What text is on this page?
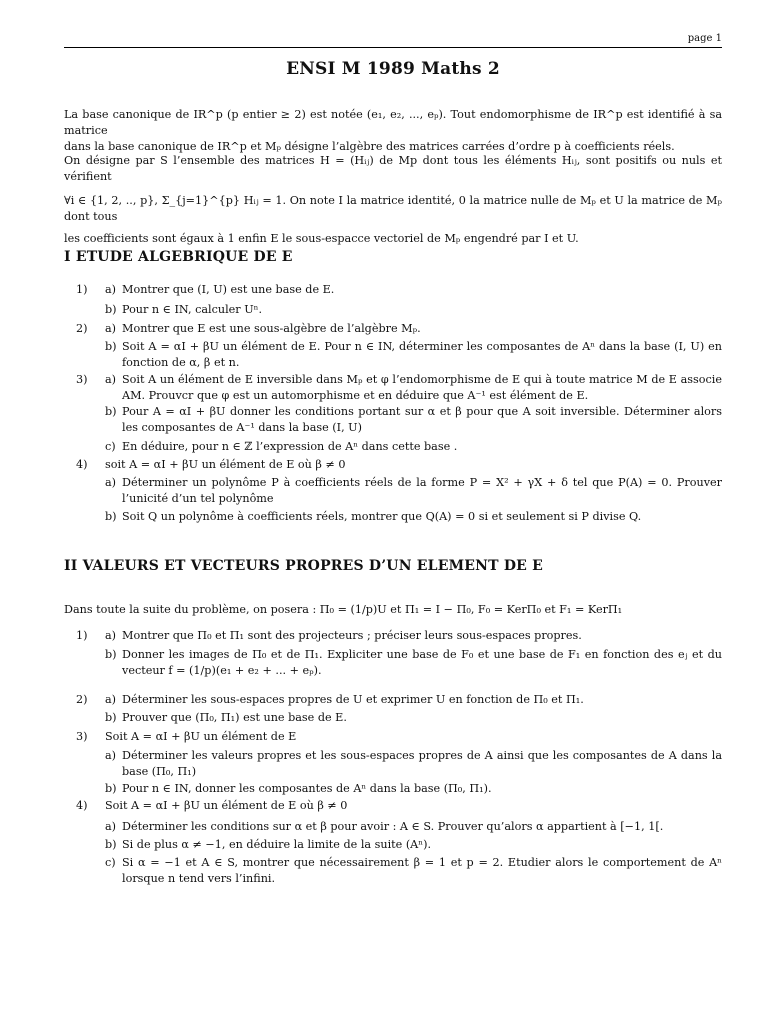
page 1
ENSI M 1989 Maths 2
La base canonique de IR^p (p entier ≥ 2) est notée (e₁, e₂, ..., eₚ). Tout endomorphisme de IR^p est identifié à sa matrice
dans la base canonique de IR^p et Mₚ désigne l’algèbre des matrices carrées d’ordre p à coefficients réels.
On désigne par S l’ensemble des matrices H = (Hᵢⱼ) de Mp dont tous les éléments Hᵢⱼ, sont positifs ou nuls et vérifient
∀i ∈ {1, 2, .., p}, Σ_{j=1}^{p} Hᵢⱼ = 1. On note I la matrice identité, 0 la matrice nulle de Mₚ et U la matrice de Mₚ dont tous
les coefficients sont égaux à 1 enfin E le sous-espacce vectoriel de Mₚ engendré par I et U.
I ETUDE ALGEBRIQUE DE E
1) a) Montrer que (I, U) est une base de E.
b) Pour n ∈ IN, calculer Uⁿ.
2) a) Montrer que E est une sous-algèbre de l’algèbre Mₚ.
b) Soit A = αI + βU un élément de E. Pour n ∈ IN, déterminer les composantes de Aⁿ dans la base (I, U) en fonction de α, β et n.
3) a) Soit A un élément de E inversible dans Mₚ et φ l’endomorphisme de E qui à toute matrice M de E associe AM. Prouvcr que φ est un automorphisme et en déduire que A⁻¹ est élément de E.
b) Pour A = αI + βU donner les conditions portant sur α et β pour que A soit inversible. Déterminer alors les composantes de A⁻¹ dans la base (I, U)
c) En déduire, pour n ∈ ℤ l’expression de Aⁿ dans cette base .
4) soit A = αI + βU un élément de E où β ≠ 0
a) Déterminer un polynôme P à coefficients réels de la forme P = X² + γX + δ tel que P(A) = 0. Prouver l’unicité d’un tel polynôme
b) Soit Q un polynôme à coefficients réels, montrer que Q(A) = 0 si et seulement si P divise Q.
II VALEURS ET VECTEURS PROPRES D’UN ELEMENT DE E
Dans toute la suite du problème, on posera : Π₀ = (1/p)U et Π₁ = I − Π₀, F₀ = KerΠ₀ et F₁ = KerΠ₁
1) a) Montrer que Π₀ et Π₁ sont des projecteurs ; préciser leurs sous-espaces propres.
b) Donner les images de Π₀ et de Π₁. Expliciter une base de F₀ et une base de F₁ en fonction des eⱼ et du vecteur f = (1/p)(e₁ + e₂ + ... + eₚ).
2) a) Déterminer les sous-espaces propres de U et exprimer U en fonction de Π₀ et Π₁.
b) Prouver que (Π₀, Π₁) est une base de E.
3) Soit A = αI + βU un élément de E
a) Déterminer les valeurs propres et les sous-espaces propres de A ainsi que les composantes de A dans la base (Π₀, Π₁)
b) Pour n ∈ IN, donner les composantes de Aⁿ dans la base (Π₀, Π₁).
4) Soit A = αI + βU un élément de E où β ≠ 0
a) Déterminer les conditions sur α et β pour avoir : A ∈ S. Prouver qu’alors α appartient à [−1, 1[.
b) Si de plus α ≠ −1, en déduire la limite de la suite (Aⁿ).
c) Si α = −1 et A ∈ S, montrer que nécessairement β = 1 et p = 2. Etudier alors le comportement de Aⁿ lorsque n tend vers l’infini.
